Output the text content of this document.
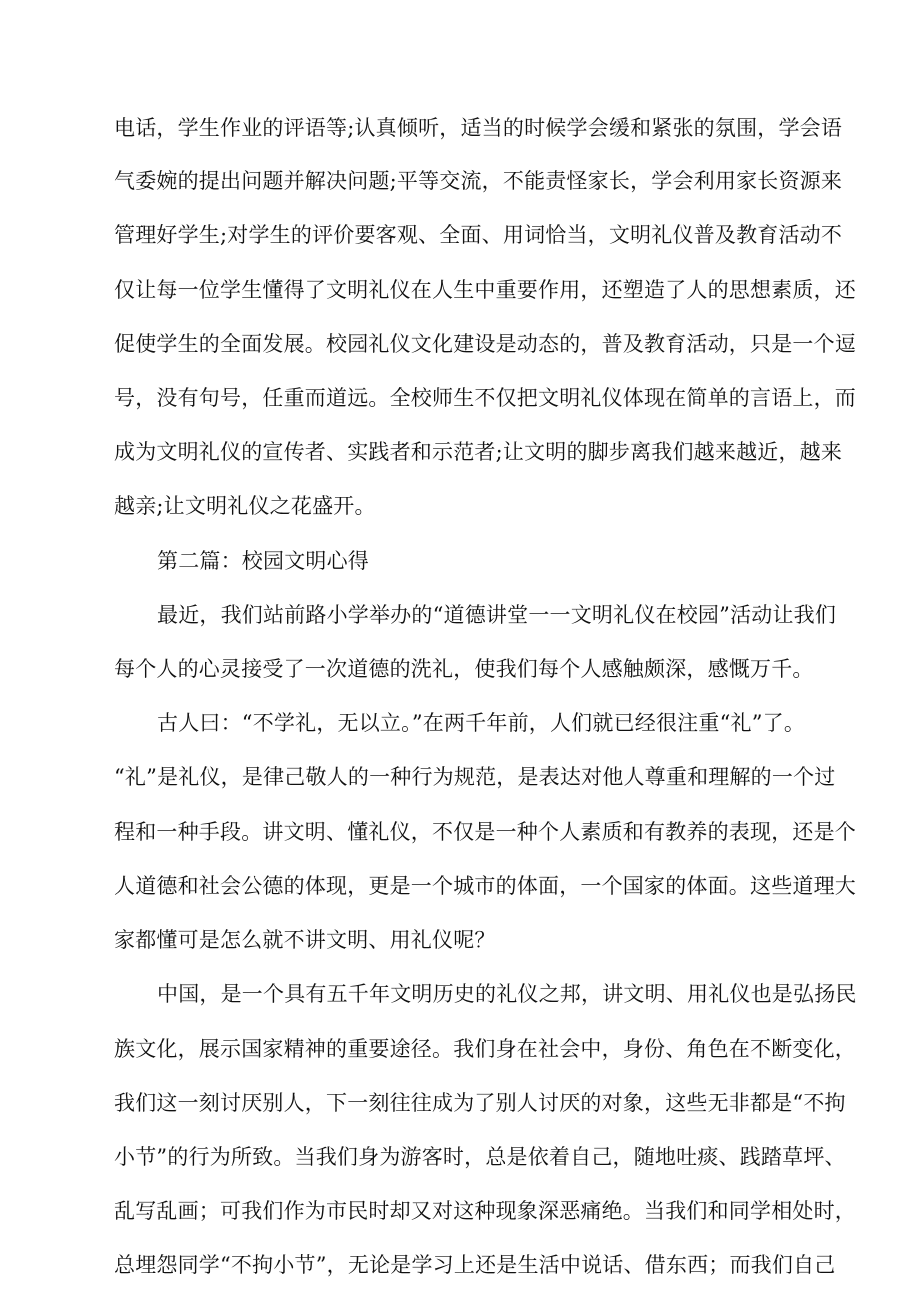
电话，学生作业的评语等;认真倾听，适当的时候学会缓和紧张的氛围，学会语
气委婉的提出问题并解决问题;平等交流，不能责怪家长，学会利用家长资源来
管理好学生;对学生的评价要客观、全面、用词恰当，文明礼仪普及教育活动不
仅让每一位学生懂得了文明礼仪在人生中重要作用，还塑造了人的思想素质，还
促使学生的全面发展。校园礼仪文化建设是动态的，普及教育活动，只是一个逗
号，没有句号，任重而道远。全校师生不仅把文明礼仪体现在简单的言语上，而
成为文明礼仪的宣传者、实践者和示范者;让文明的脚步离我们越来越近，越来
越亲;让文明礼仪之花盛开。
第二篇：校园文明心得
最近，我们站前路小学举办的“道德讲堂一一文明礼仪在校园”活动让我们
每个人的心灵接受了一次道德的洗礼，使我们每个人感触颇深，感慨万千。
古人曰：“不学礼，无以立。”在两千年前，人们就已经很注重“礼”了。
“礼”是礼仪，是律己敬人的一种行为规范，是表达对他人尊重和理解的一个过
程和一种手段。讲文明、懂礼仪，不仅是一种个人素质和有教养的表现，还是个
人道德和社会公德的体现，更是一个城市的体面，一个国家的体面。这些道理大
家都懂可是怎么就不讲文明、用礼仪呢？
中国，是一个具有五千年文明历史的礼仪之邦，讲文明、用礼仪也是弘扬民
族文化，展示国家精神的重要途径。我们身在社会中，身份、角色在不断变化，
我们这一刻讨厌别人，下一刻往往成为了别人讨厌的对象，这些无非都是“不拘
小节”的行为所致。当我们身为游客时，总是依着自己，随地吐痰、践踏草坪、
乱写乱画；可我们作为市民时却又对这种现象深恶痛绝。当我们和同学相处时，
总埋怨同学“不拘小节”，无论是学习上还是生活中说话、借东西；而我们自己
